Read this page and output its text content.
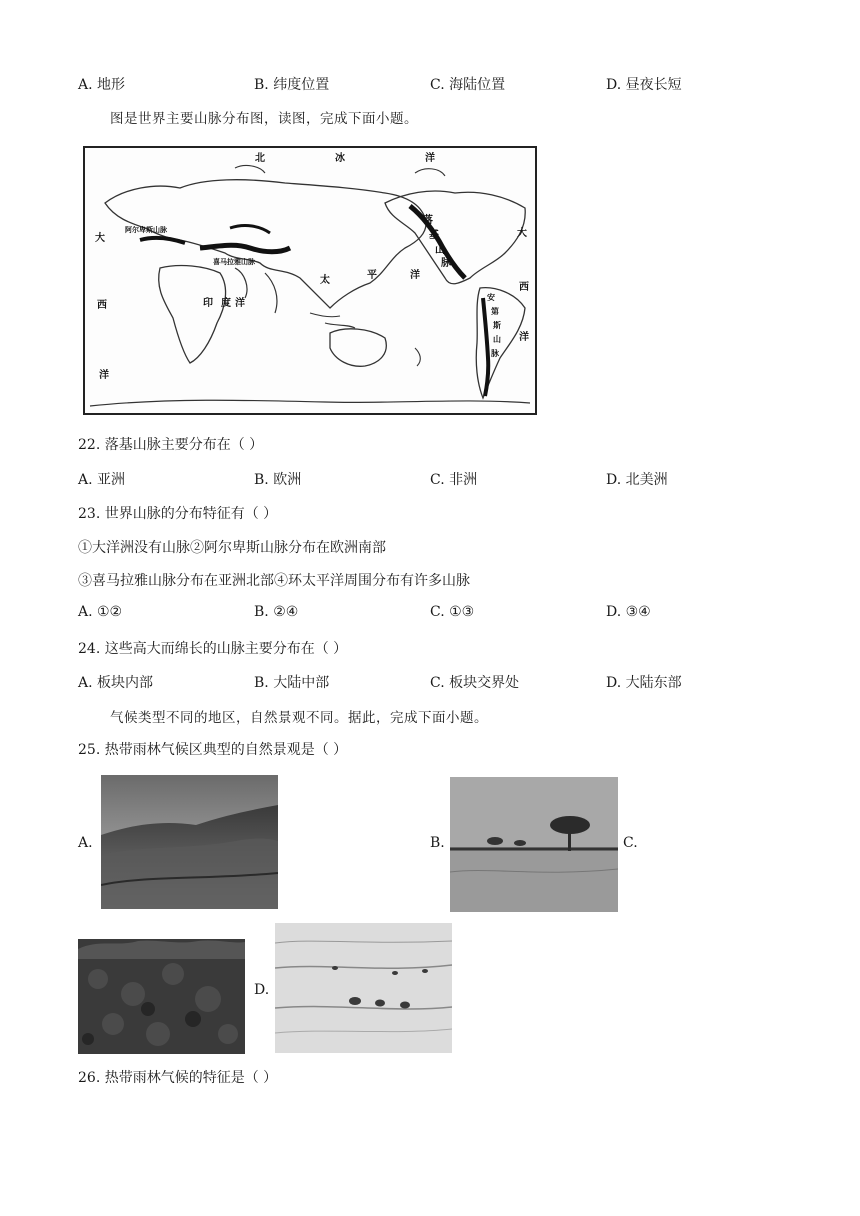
A. 地形	B. 纬度位置	C. 海陆位置	D. 昼夜长短
图是世界主要山脉分布图，读图，完成下面小题。
北	冰	洋
大
西
洋
阿尔卑斯山脉
喜马拉雅山脉
太	平	洋
印 度 洋
落
基
山
脉
大
西
洋
安
第
斯
山
脉
22. 落基山脉主要分布在（ ）
A. 亚洲	B. 欧洲	C. 非洲	D. 北美洲
23. 世界山脉的分布特征有（ ）
①大洋洲没有山脉②阿尔卑斯山脉分布在欧洲南部
③喜马拉雅山脉分布在亚洲北部④环太平洋周围分布有许多山脉
A. ①②	B. ②④	C. ①③	D. ③④
24. 这些高大而绵长的山脉主要分布在（ ）
A. 板块内部	B. 大陆中部	C. 板块交界处	D. 大陆东部
气候类型不同的地区，自然景观不同。据此，完成下面小题。
25. 热带雨林气候区典型的自然景观是（ ）
A.	B.	C.
D.
26. 热带雨林气候的特征是（ ）
